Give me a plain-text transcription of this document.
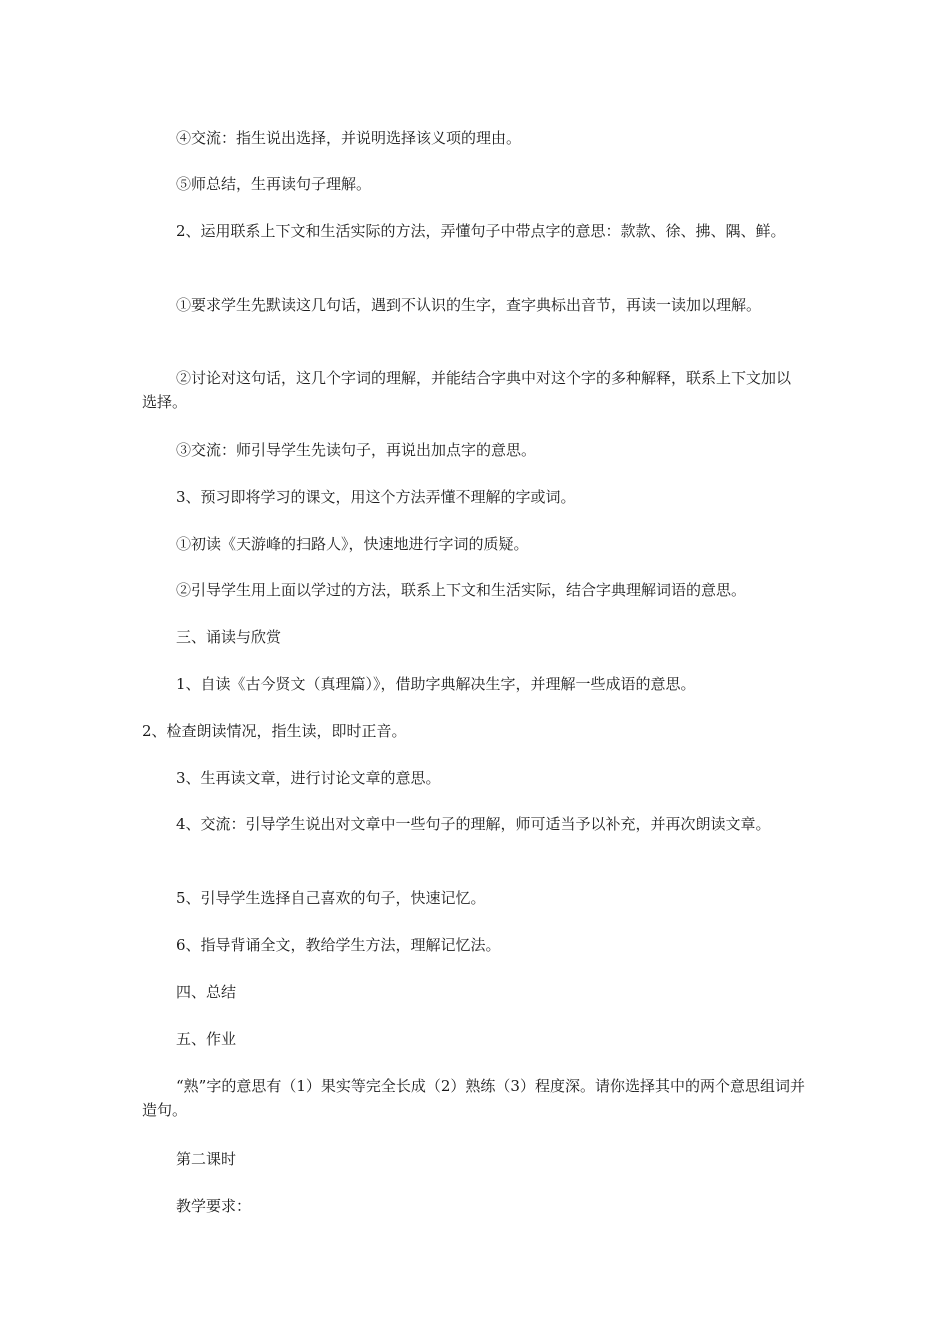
④交流：指生说出选择，并说明选择该义项的理由。

⑤师总结，生再读句子理解。

2、运用联系上下文和生活实际的方法，弄懂句子中带点字的意思：款款、徐、拂、隅、鲜。

①要求学生先默读这几句话，遇到不认识的生字，查字典标出音节，再读一读加以理解。

②讨论对这句话，这几个字词的理解，并能结合字典中对这个字的多种解释，联系上下文加以选择。

③交流：师引导学生先读句子，再说出加点字的意思。

3、预习即将学习的课文，用这个方法弄懂不理解的字或词。

①初读《天游峰的扫路人》，快速地进行字词的质疑。

②引导学生用上面以学过的方法，联系上下文和生活实际，结合字典理解词语的意思。

三、诵读与欣赏

1、自读《古今贤文（真理篇）》，借助字典解决生字，并理解一些成语的意思。

2、检查朗读情况，指生读，即时正音。

3、生再读文章，进行讨论文章的意思。

4、交流：引导学生说出对文章中一些句子的理解，师可适当予以补充，并再次朗读文章。

5、引导学生选择自己喜欢的句子，快速记忆。

6、指导背诵全文，教给学生方法，理解记忆法。

四、总结

五、作业

“熟”字的意思有（1）果实等完全长成（2）熟练（3）程度深。请你选择其中的两个意思组词并造句。

第二课时

教学要求：
